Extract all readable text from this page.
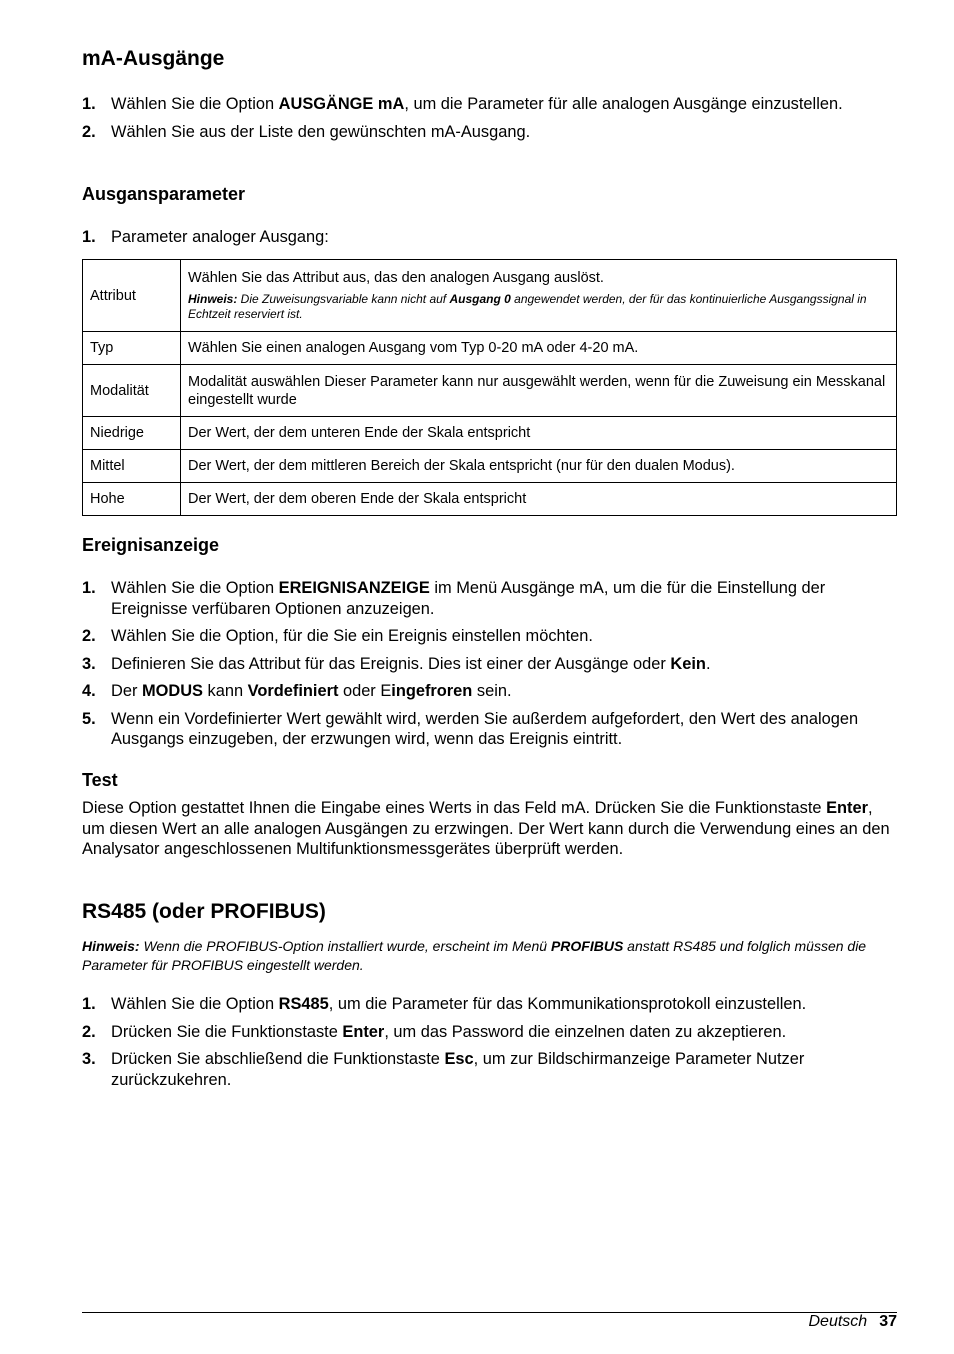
mA-Ausgänge
1. Wählen Sie die Option AUSGÄNGE mA, um die Parameter für alle analogen Ausgänge einzustellen.
2. Wählen Sie aus der Liste den gewünschten mA-Ausgang.
Ausgansparameter
1. Parameter analoger Ausgang:
Attribut	Wählen Sie das Attribut aus, das den analogen Ausgang auslöst.
Hinweis: Die Zuweisungsvariable kann nicht auf Ausgang 0 angewendet werden, der für das kontinuierliche Ausgangssignal in Echtzeit reserviert ist.

Typ	Wählen Sie einen analogen Ausgang vom Typ 0-20 mA oder 4-20 mA.
Modalität	Modalität auswählen Dieser Parameter kann nur ausgewählt werden, wenn für die Zuweisung ein Messkanal eingestellt wurde
Niedrige	Der Wert, der dem unteren Ende der Skala entspricht
Mittel	Der Wert, der dem mittleren Bereich der Skala entspricht (nur für den dualen Modus).
Hohe	Der Wert, der dem oberen Ende der Skala entspricht
Ereignisanzeige
1. Wählen Sie die Option EREIGNISANZEIGE im Menü Ausgänge mA, um die für die Einstellung der Ereignisse verfübaren Optionen anzuzeigen.
2. Wählen Sie die Option, für die Sie ein Ereignis einstellen möchten.
3. Definieren Sie das Attribut für das Ereignis. Dies ist einer der Ausgänge oder Kein.
4. Der MODUS kann Vordefiniert oder Eingefroren sein.
5. Wenn ein Vordefinierter Wert gewählt wird, werden Sie außerdem aufgefordert, den Wert des analogen Ausgangs einzugeben, der erzwungen wird, wenn das Ereignis eintritt.
Test
Diese Option gestattet Ihnen die Eingabe eines Werts in das Feld mA. Drücken Sie die Funktionstaste Enter, um diesen Wert an alle analogen Ausgängen zu erzwingen. Der Wert kann durch die Verwendung eines an den Analysator angeschlossenen Multifunktionsmessgerätes überprüft werden.
RS485 (oder PROFIBUS)
Hinweis: Wenn die PROFIBUS-Option installiert wurde, erscheint im Menü PROFIBUS anstatt RS485 und folglich müssen die Parameter für PROFIBUS eingestellt werden.
1. Wählen Sie die Option RS485, um die Parameter für das Kommunikationsprotokoll einzustellen.
2. Drücken Sie die Funktionstaste Enter, um das Password die einzelnen daten zu akzeptieren.
3. Drücken Sie abschließend die Funktionstaste Esc, um zur Bildschirmanzeige Parameter Nutzer zurückzukehren.
Deutsch 37
